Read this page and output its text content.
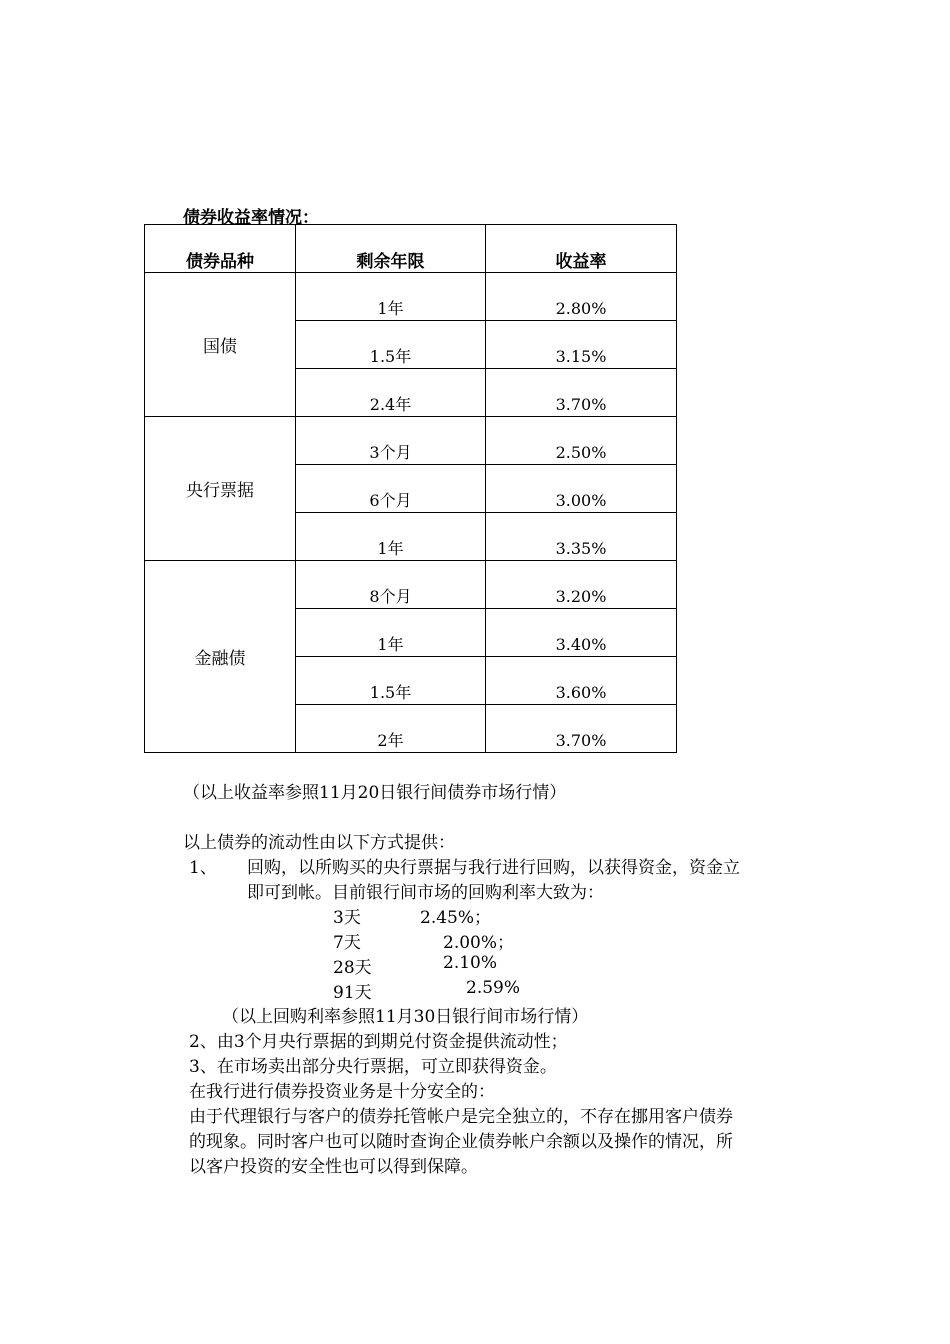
债券收益率情况：
债券品种	剩余年限	收益率
国债	1年	2.80%
	1.5年	3.15%
	2.4年	3.70%
央行票据	3个月	2.50%
	6个月	3.00%
	1年	3.35%
金融债	8个月	3.20%
	1年	3.40%
	1.5年	3.60%
	2年	3.70%
（以上收益率参照11月20日银行间债券市场行情）
以上债券的流动性由以下方式提供：
1、 回购，以所购买的央行票据与我行进行回购，以获得资金，资金立
即可到帐。目前银行间市场的回购利率大致为：
3天	2.45%；
7天	2.00%；
28天	2.10%
91天	2.59%
（以上回购利率参照11月30日银行间市场行情）
2、由3个月央行票据的到期兑付资金提供流动性；
3、在市场卖出部分央行票据，可立即获得资金。
在我行进行债券投资业务是十分安全的：
由于代理银行与客户的债券托管帐户是完全独立的，不存在挪用客户债券
的现象。同时客户也可以随时查询企业债券帐户余额以及操作的情况，所
以客户投资的安全性也可以得到保障。
